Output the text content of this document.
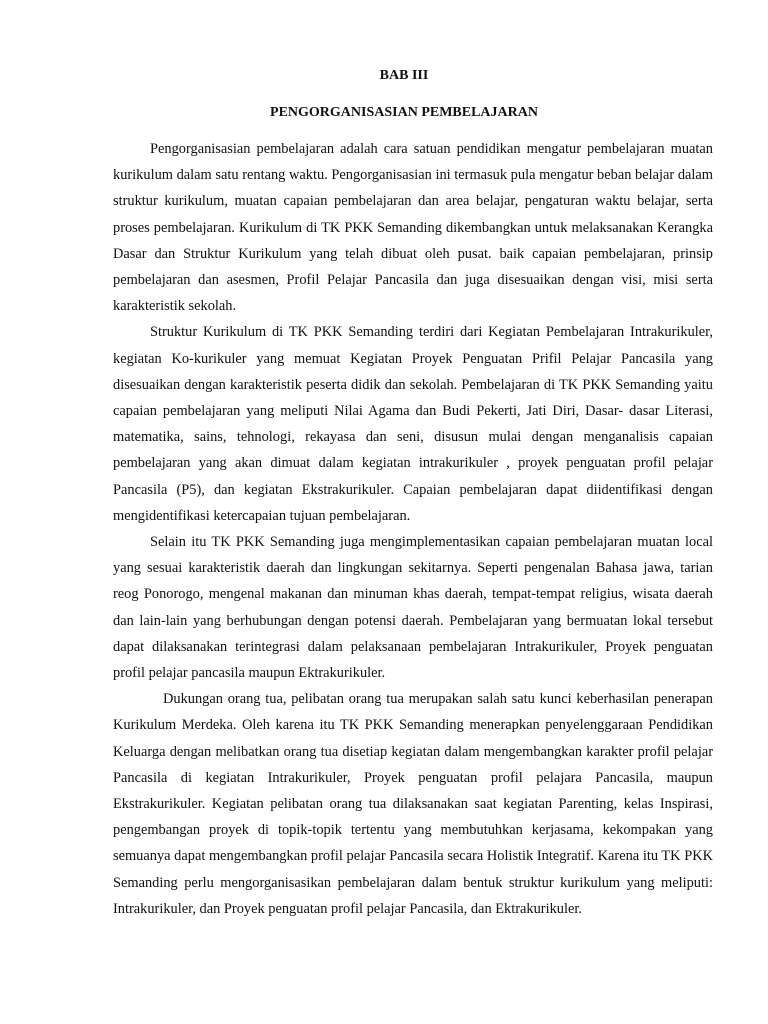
BAB III
PENGORGANISASIAN PEMBELAJARAN

Pengorganisasian pembelajaran adalah cara satuan pendidikan mengatur pembelajaran muatan kurikulum dalam satu rentang waktu. Pengorganisasian ini termasuk pula mengatur beban belajar dalam struktur kurikulum, muatan capaian pembelajaran dan area belajar, pengaturan waktu belajar, serta proses pembelajaran. Kurikulum di TK PKK Semanding dikembangkan untuk melaksanakan Kerangka Dasar dan Struktur Kurikulum yang telah dibuat oleh pusat. baik capaian pembelajaran, prinsip pembelajaran dan asesmen, Profil Pelajar Pancasila dan juga disesuaikan dengan visi, misi serta karakteristik sekolah.

Struktur Kurikulum di TK PKK Semanding terdiri dari Kegiatan Pembelajaran Intrakurikuler, kegiatan Ko-kurikuler yang memuat Kegiatan Proyek Penguatan Prifil Pelajar Pancasila yang disesuaikan dengan karakteristik peserta didik dan sekolah. Pembelajaran di TK PKK Semanding yaitu capaian pembelajaran yang meliputi Nilai Agama dan Budi Pekerti, Jati Diri, Dasar- dasar Literasi, matematika, sains, tehnologi, rekayasa dan seni, disusun mulai dengan menganalisis capaian pembelajaran yang akan dimuat dalam kegiatan intrakurikuler , proyek penguatan profil pelajar Pancasila (P5), dan kegiatan Ekstrakurikuler. Capaian pembelajaran dapat diidentifikasi dengan mengidentifikasi ketercapaian tujuan pembelajaran.

Selain itu TK PKK Semanding juga mengimplementasikan capaian pembelajaran muatan local yang sesuai karakteristik daerah dan lingkungan sekitarnya. Seperti pengenalan Bahasa jawa, tarian reog Ponorogo, mengenal makanan dan minuman khas daerah, tempat-tempat religius, wisata daerah dan lain-lain yang berhubungan dengan potensi daerah. Pembelajaran yang bermuatan lokal tersebut dapat dilaksanakan terintegrasi dalam pelaksanaan pembelajaran Intrakurikuler, Proyek penguatan profil pelajar pancasila maupun Ektrakurikuler.

Dukungan orang tua, pelibatan orang tua merupakan salah satu kunci keberhasilan penerapan Kurikulum Merdeka. Oleh karena itu TK PKK Semanding menerapkan penyelenggaraan Pendidikan Keluarga dengan melibatkan orang tua disetiap kegiatan dalam mengembangkan karakter profil pelajar Pancasila di kegiatan Intrakurikuler, Proyek penguatan profil pelajara Pancasila, maupun Ekstrakurikuler. Kegiatan pelibatan orang tua dilaksanakan saat kegiatan Parenting, kelas Inspirasi, pengembangan proyek di topik-topik tertentu yang membutuhkan kerjasama, kekompakan yang semuanya dapat mengembangkan profil pelajar Pancasila secara Holistik Integratif. Karena itu TK PKK Semanding perlu mengorganisasikan pembelajaran dalam bentuk struktur kurikulum yang meliputi: Intrakurikuler, dan Proyek penguatan profil pelajar Pancasila, dan Ektrakurikuler.
